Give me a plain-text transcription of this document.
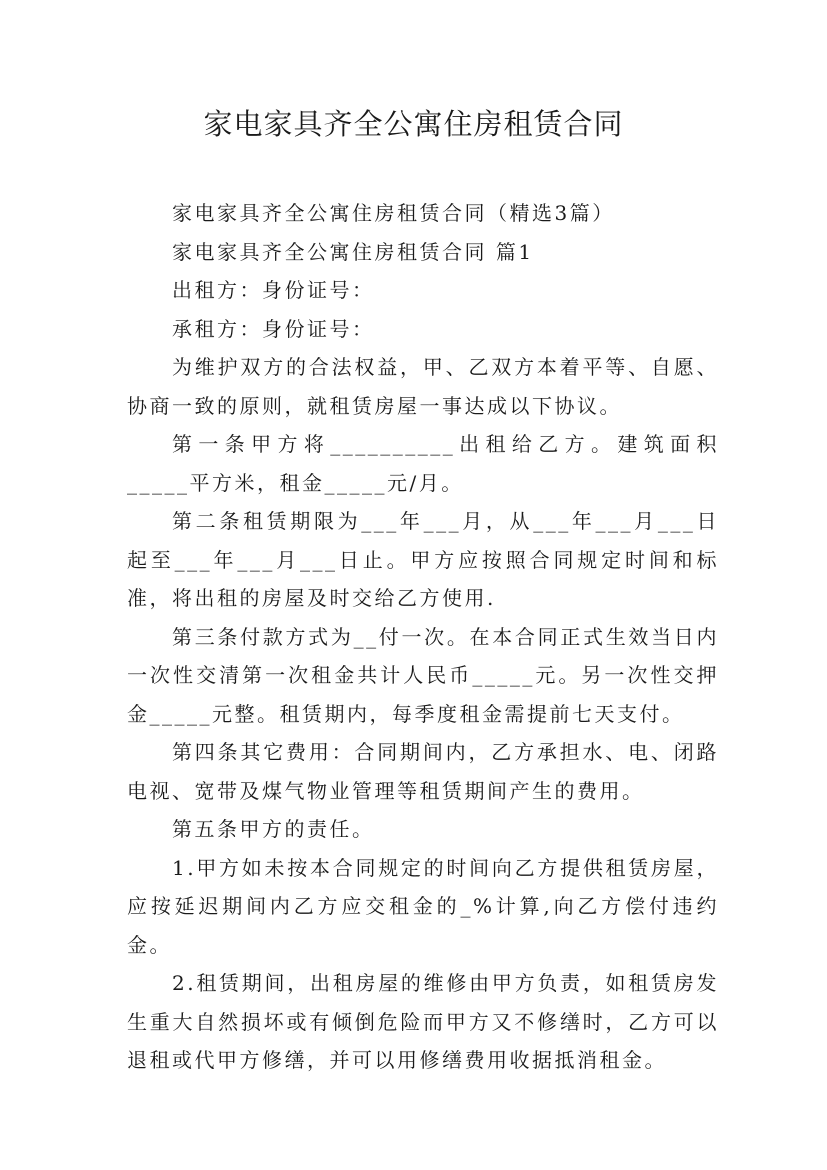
家电家具齐全公寓住房租赁合同

家电家具齐全公寓住房租赁合同（精选3篇）

家电家具齐全公寓住房租赁合同 篇1

出租方：身份证号：

承租方：身份证号：

为维护双方的合法权益，甲、乙双方本着平等、自愿、协商一致的原则，就租赁房屋一事达成以下协议。

第一条甲方将__________出租给乙方。建筑面积_____平方米，租金_____元/月。

第二条租赁期限为___年___月，从___年___月___日起至___年___月___日止。甲方应按照合同规定时间和标准，将出租的房屋及时交给乙方使用.

第三条付款方式为__付一次。在本合同正式生效当日内一次性交清第一次租金共计人民币_____元。另一次性交押金_____元整。租赁期内，每季度租金需提前七天支付。

第四条其它费用：合同期间内，乙方承担水、电、闭路电视、宽带及煤气物业管理等租赁期间产生的费用。

第五条甲方的责任。

1.甲方如未按本合同规定的时间向乙方提供租赁房屋，应按延迟期间内乙方应交租金的_%计算,向乙方偿付违约金。

2.租赁期间，出租房屋的维修由甲方负责，如租赁房发生重大自然损坏或有倾倒危险而甲方又不修缮时，乙方可以退租或代甲方修缮，并可以用修缮费用收据抵消租金。
